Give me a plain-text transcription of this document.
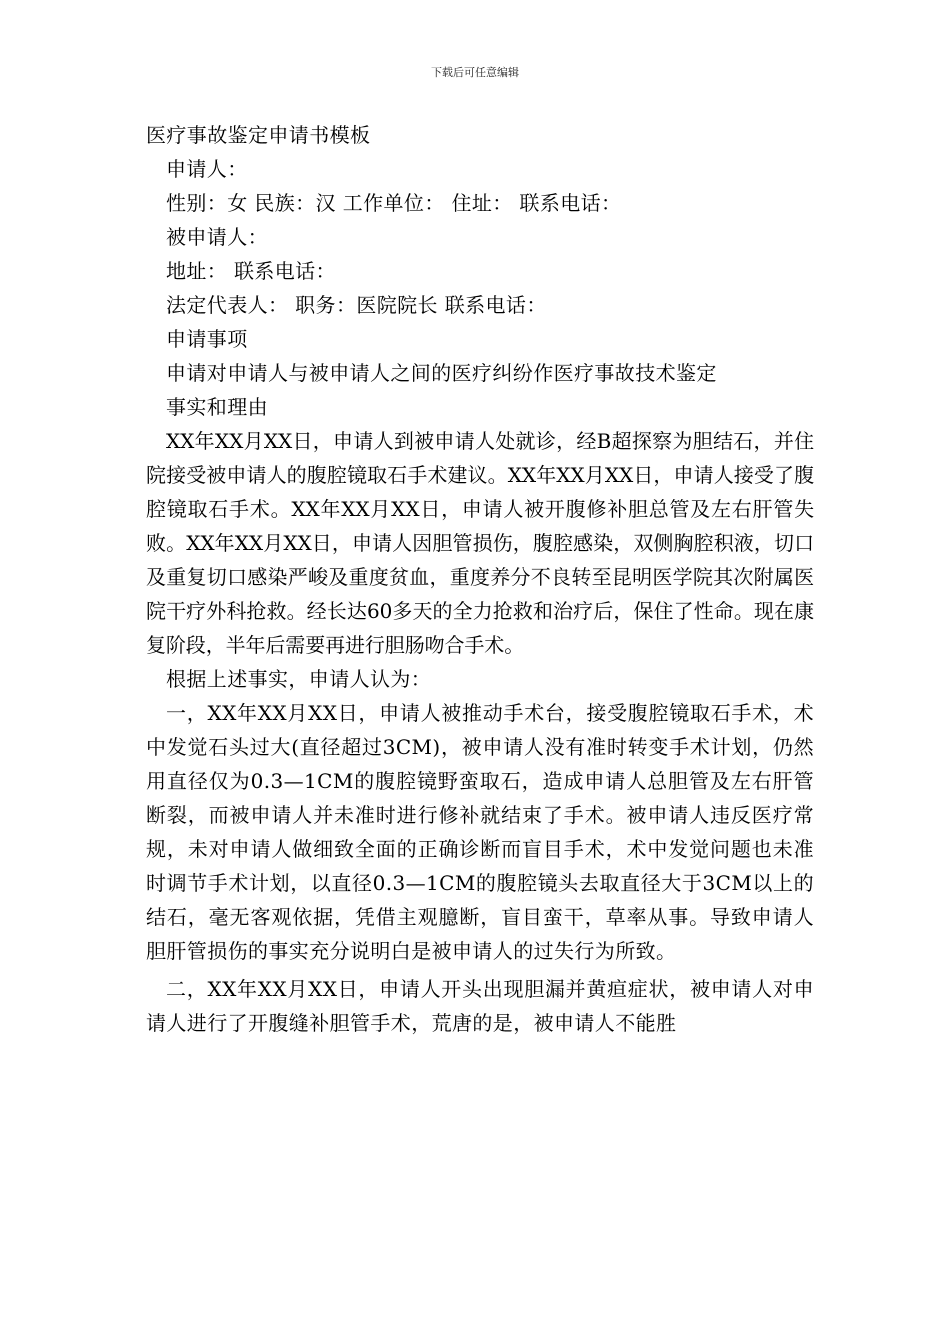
下载后可任意编辑

医疗事故鉴定申请书模板

申请人：

性别：女 民族：汉 工作单位： 住址： 联系电话：

被申请人：

地址： 联系电话：

法定代表人： 职务：医院院长 联系电话：

申请事项

申请对申请人与被申请人之间的医疗纠纷作医疗事故技术鉴定

事实和理由

XX年XX月XX日，申请人到被申请人处就诊，经B超探察为胆结石，并住院接受被申请人的腹腔镜取石手术建议。XX年XX月XX日，申请人接受了腹腔镜取石手术。XX年XX月XX日，申请人被开腹修补胆总管及左右肝管失败。XX年XX月XX日，申请人因胆管损伤，腹腔感染，双侧胸腔积液，切口及重复切口感染严峻及重度贫血，重度养分不良转至昆明医学院其次附属医院干疗外科抢救。经长达60多天的全力抢救和治疗后，保住了性命。现在康复阶段，半年后需要再进行胆肠吻合手术。

根据上述事实，申请人认为：

一，XX年XX月XX日，申请人被推动手术台，接受腹腔镜取石手术，术中发觉石头过大(直径超过3CM)，被申请人没有准时转变手术计划，仍然用直径仅为0.3—1CM的腹腔镜野蛮取石，造成申请人总胆管及左右肝管断裂，而被申请人并未准时进行修补就结束了手术。被申请人违反医疗常规，未对申请人做细致全面的正确诊断而盲目手术，术中发觉问题也未准时调节手术计划，以直径0.3—1CM的腹腔镜头去取直径大于3CM以上的结石，毫无客观依据，凭借主观臆断，盲目蛮干，草率从事。导致申请人胆肝管损伤的事实充分说明白是被申请人的过失行为所致。

二，XX年XX月XX日，申请人开头出现胆漏并黄疸症状，被申请人对申请人进行了开腹缝补胆管手术，荒唐的是，被申请人不能胜
